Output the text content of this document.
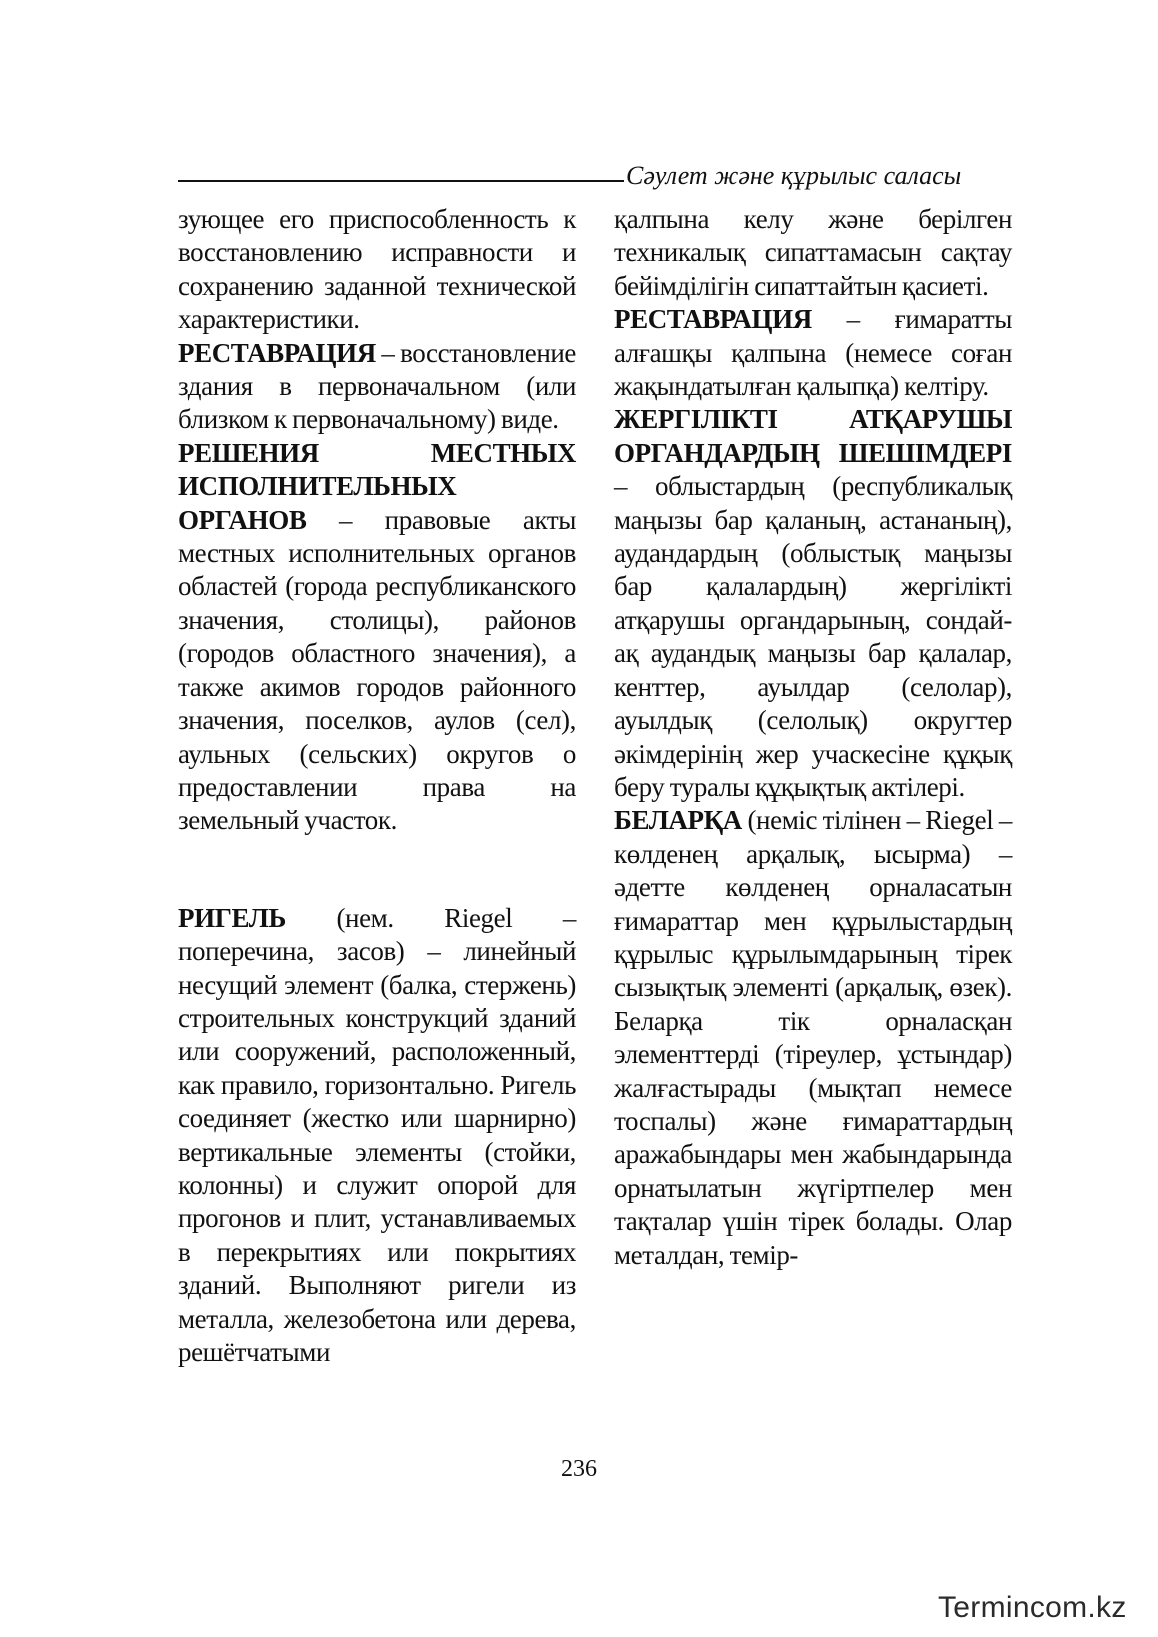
Сəулет жəне құрылыс саласы

зующее его приспособленность к восстановлению исправности и сохранению заданной технической характеристики.

РЕСТАВРАЦИЯ – восстановление здания в первоначальном (или близком к первоначальному) виде.

РЕШЕНИЯ МЕСТНЫХ ИСПОЛНИТЕЛЬНЫХ ОРГАНОВ – правовые акты местных исполнительных органов областей (города республиканского значения, столицы), районов (городов областного значения), а также акимов городов районного значения, поселков, аулов (сел), аульных (сельских) округов о предоставлении права на земельный участок.

РИГЕЛЬ (нем. Riegel – поперечина, засов) – линейный несущий элемент (балка, стержень) строительных конструкций зданий или сооружений, расположенный, как правило, горизонтально. Ригель соединяет (жестко или шарнирно) вертикальные элементы (стойки, колонны) и служит опорой для прогонов и плит, устанавливаемых в перекрытиях или покрытиях зданий. Выполняют ригели из металла, железобетона или дерева, решётчатыми

қалпына келу жəне берілген техникалық сипаттамасын сақтау бейімділігін сипаттайтын қасиеті.

РЕСТАВРАЦИЯ – ғимаратты алғашқы қалпына (немесе соған жақындатылған қалыпқа) келтіру.

ЖЕРГІЛІКТІ АТҚАРУШЫ ОРГАНДАРДЫҢ ШЕШІМДЕРІ – облыстардың (республикалық маңызы бар қаланың, астананың), аудандардың (облыстық маңызы бар қалалардың) жергілікті атқарушы органдарының, сондай-ақ аудандық маңызы бар қалалар, кенттер, ауылдар (селолар), ауылдық (селолық) округтер əкімдерінің жер учаскесіне құқық беру туралы құқықтық актілері.

БЕЛАРҚА (неміс тілінен – Riegel – көлденең арқалық, ысырма) – əдетте көлденең орналасатын ғимараттар мен құрылыстардың құрылыс құрылымдарының тірек сызықтық элементі (арқалық, өзек). Беларқа тік орналасқан элементтерді (тіреулер, ұстындар) жалғастырады (мықтап немесе тоспалы) жəне ғимараттардың аражабындары мен жабындарында орнатылатын жүгіртпелер мен тақталар үшін тірек болады. Олар металдан, темір-

236
Termincom.kz
